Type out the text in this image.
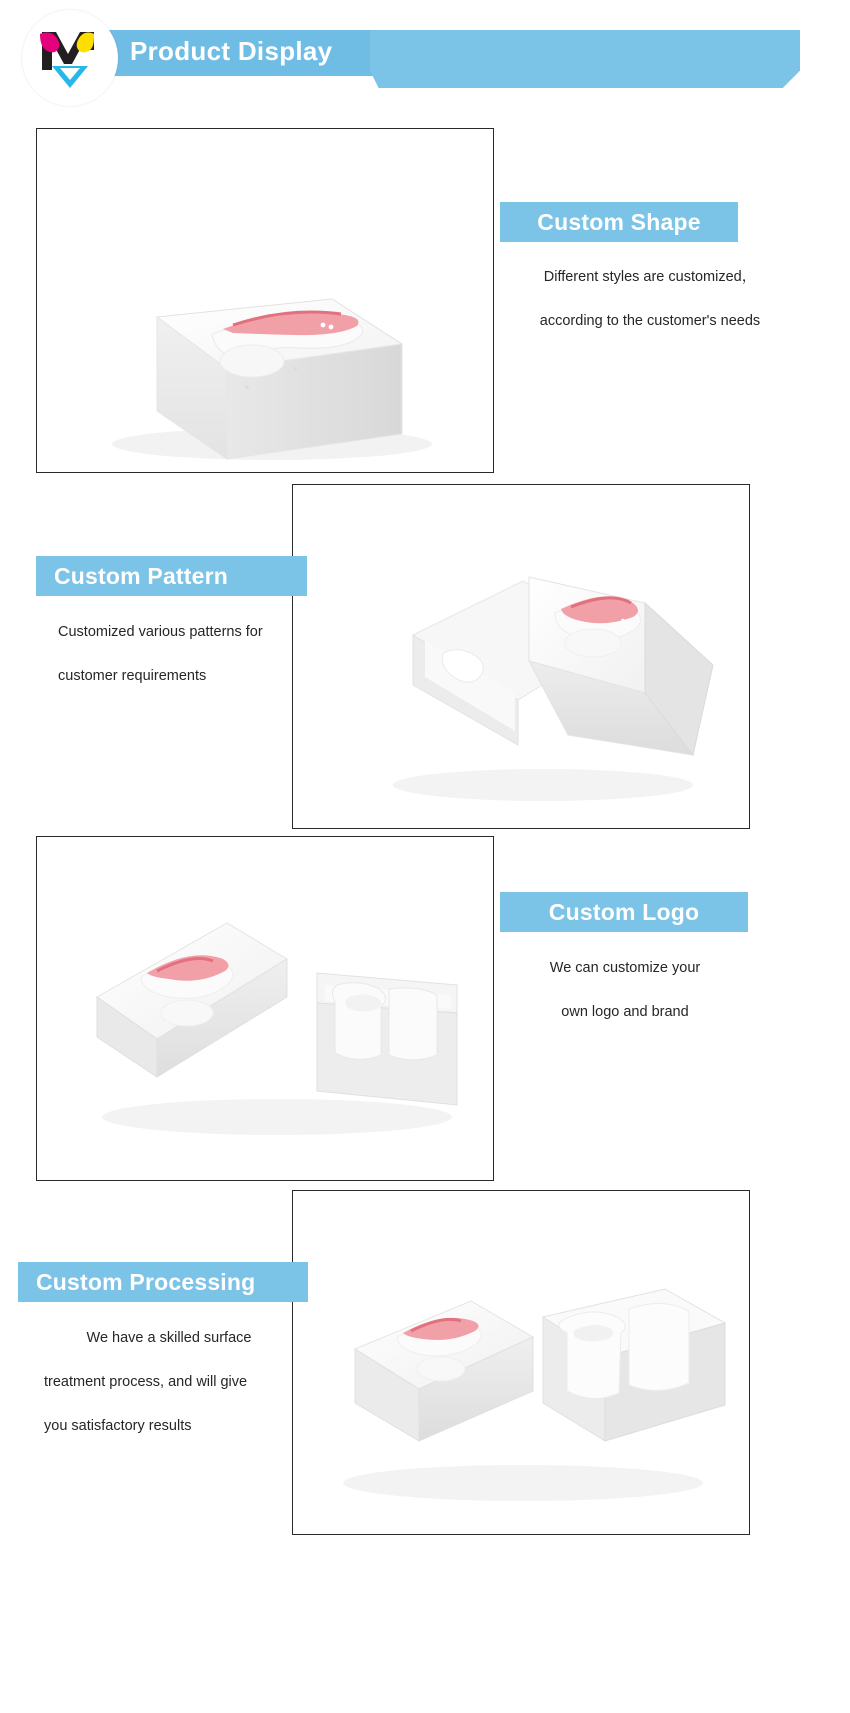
Product Display
Custom Shape
Different styles are customized，
according to the customer's needs
Custom Pattern
Customized various patterns for
customer requirements
Custom Logo
We can customize your
own logo and brand
Custom Processing
We have a skilled surface
treatment process, and will give
you satisfactory results
